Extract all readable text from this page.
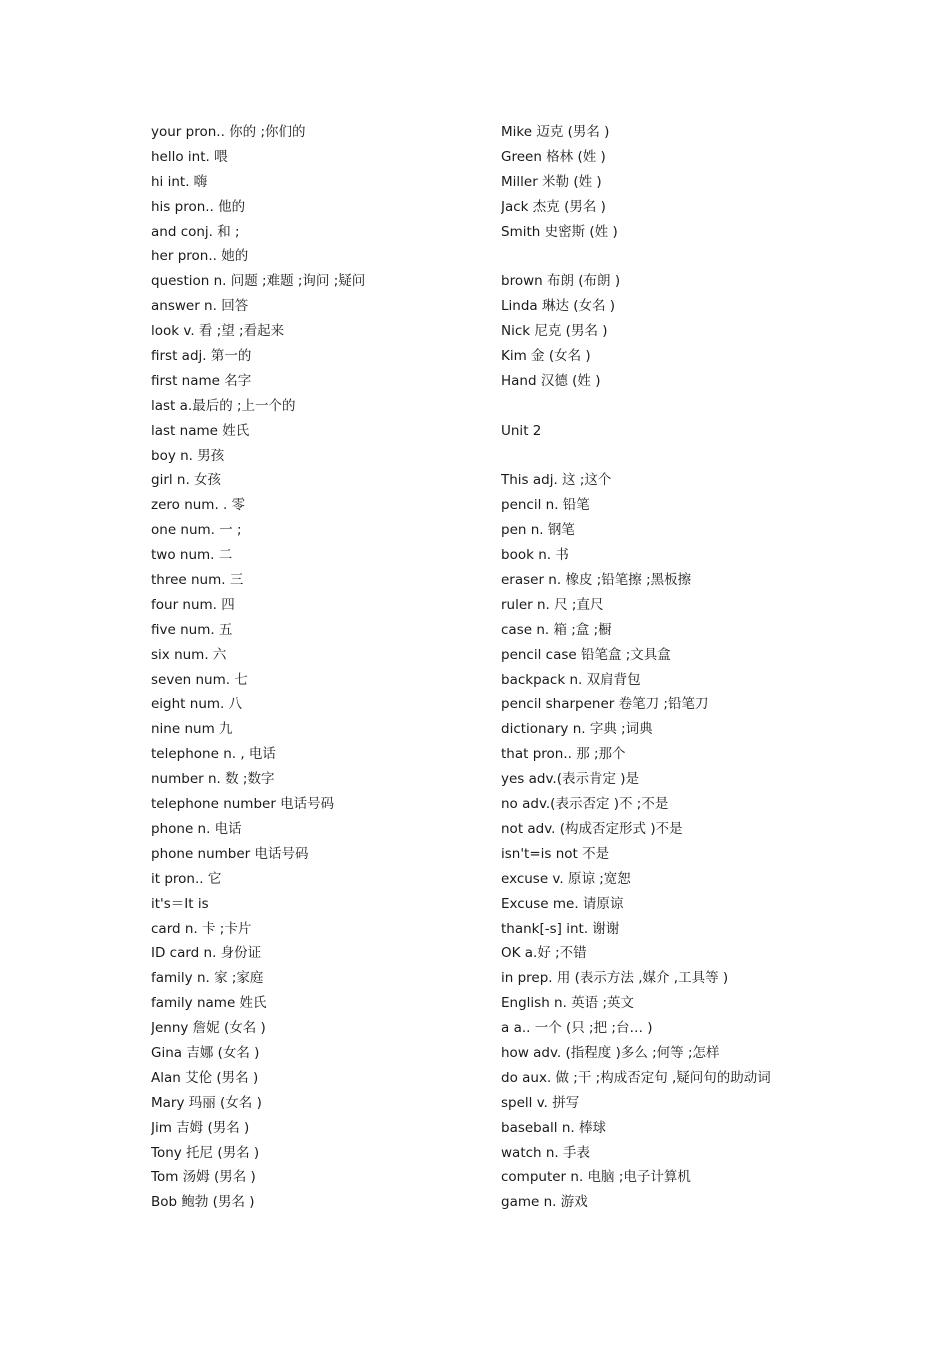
your pron.. 你的 ;你们的
hello int. 喂
hi int. 嗨
his pron.. 他的
and conj. 和 ;
her pron.. 她的
question n. 问题 ;难题 ;询问 ;疑问
answer n. 回答
look v. 看 ;望 ;看起来
first adj. 第一的
first name 名字
last a.最后的 ;上一个的
last name 姓氏
boy n. 男孩
girl n. 女孩
zero num. . 零
one num. 一 ;
two num. 二
three num. 三
four num. 四
five num. 五
six num. 六
seven num. 七
eight num. 八
nine num 九
telephone n. , 电话
number n. 数 ;数字
telephone number 电话号码
phone n. 电话
phone number 电话号码
it pron.. 它
it's＝It is
card n. 卡 ;卡片
ID card n. 身份证
family n. 家 ;家庭
family name 姓氏
Jenny 詹妮 (女名 )
Gina 吉娜 (女名 )
Alan 艾伦 (男名 )
Mary 玛丽 (女名 )
Jim 吉姆 (男名 )
Tony 托尼 (男名 )
Tom 汤姆 (男名 )
Bob 鲍勃 (男名 )
Mike 迈克 (男名 )
Green 格林 (姓 )
Miller 米勒 (姓 )
Jack 杰克 (男名 )
Smith 史密斯 (姓 )
brown 布朗 (布朗 )
Linda 琳达 (女名 )
Nick 尼克 (男名 )
Kim 金 (女名 )
Hand 汉德 (姓 )
Unit 2
This adj. 这 ;这个
pencil n. 铅笔
pen n. 钢笔
book n. 书
eraser n. 橡皮 ;铅笔擦 ;黑板擦
ruler n. 尺 ;直尺
case n. 箱 ;盒 ;橱
pencil case 铅笔盒 ;文具盒
backpack n. 双肩背包
pencil sharpener 卷笔刀 ;铅笔刀
dictionary n. 字典 ;词典
that pron.. 那 ;那个
yes adv.(表示肯定 )是
no adv.(表示否定 )不 ;不是
not adv. (构成否定形式 )不是
isn't=is not 不是
excuse v. 原谅 ;宽恕
Excuse me. 请原谅
thank[-s] int. 谢谢
OK a.好 ;不错
in prep. 用 (表示方法 ,媒介 ,工具等 )
English n. 英语 ;英文
a a.. 一个 (只 ;把 ;台… )
how adv. (指程度 )多么 ;何等 ;怎样
do aux. 做 ;干 ;构成否定句 ,疑问句的助动词
spell v. 拼写
baseball n. 棒球
watch n. 手表
computer n. 电脑 ;电子计算机
game n. 游戏
